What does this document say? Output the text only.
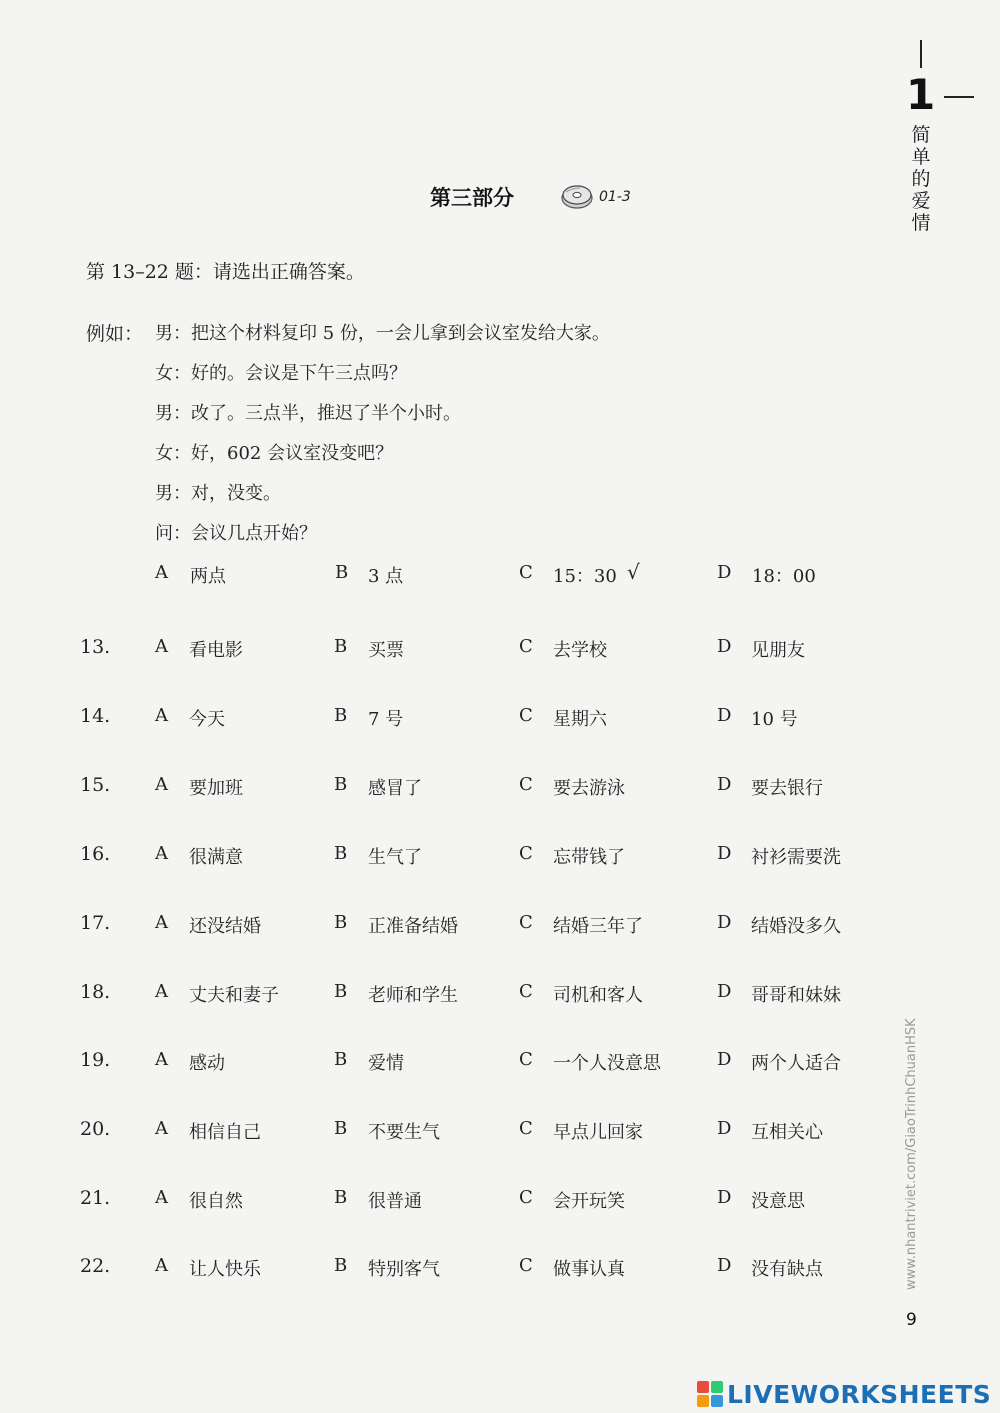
1
简单的爱情
第三部分	01-3
第 13–22 题：请选出正确答案。
例如： 男：把这个材料复印 5 份，一会儿拿到会议室发给大家。
女：好的。会议是下午三点吗？
男：改了。三点半，推迟了半个小时。
女：好，602 会议室没变吧？
男：对，没变。
问：会议几点开始？
A 两点	B 3 点	C 15：30 √	D 18：00
13. A 看电影	B 买票	C 去学校	D 见朋友
14. A 今天	B 7 号	C 星期六	D 10 号
15. A 要加班	B 感冒了	C 要去游泳	D 要去银行
16. A 很满意	B 生气了	C 忘带钱了	D 衬衫需要洗
17. A 还没结婚	B 正准备结婚	C 结婚三年了	D 结婚没多久
18. A 丈夫和妻子	B 老师和学生	C 司机和客人	D 哥哥和妹妹
19. A 感动	B 爱情	C 一个人没意思	D 两个人适合
20. A 相信自己	B 不要生气	C 早点儿回家	D 互相关心
21. A 很自然	B 很普通	C 会开玩笑	D 没意思
22. A 让人快乐	B 特别客气	C 做事认真	D 没有缺点	www.nhantriviet.com/GiaoTrinhChuanHSK
9
LIVEWORKSHEETS
